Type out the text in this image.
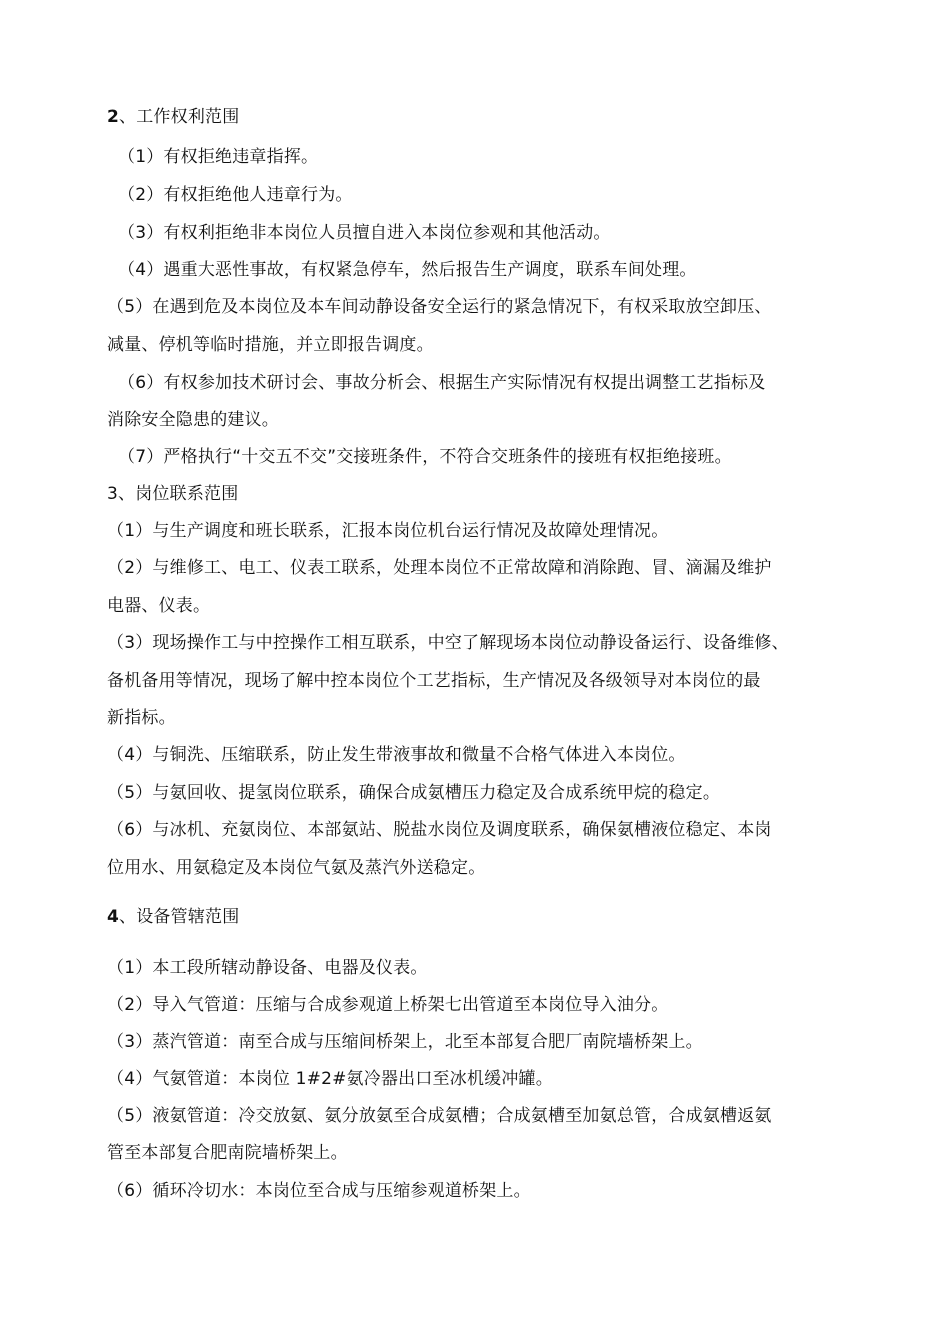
2、工作权利范围
（1）有权拒绝违章指挥。
（2）有权拒绝他人违章行为。
（3）有权利拒绝非本岗位人员擅自进入本岗位参观和其他活动。
（4）遇重大恶性事故，有权紧急停车，然后报告生产调度，联系车间处理。
（5）在遇到危及本岗位及本车间动静设备安全运行的紧急情况下，有权采取放空卸压、
减量、停机等临时措施，并立即报告调度。
（6）有权参加技术研讨会、事故分析会、根据生产实际情况有权提出调整工艺指标及
消除安全隐患的建议。
（7）严格执行“十交五不交”交接班条件，不符合交班条件的接班有权拒绝接班。
3、岗位联系范围
（1）与生产调度和班长联系，汇报本岗位机台运行情况及故障处理情况。
（2）与维修工、电工、仪表工联系，处理本岗位不正常故障和消除跑、冒、滴漏及维护
电器、仪表。
（3）现场操作工与中控操作工相互联系，中空了解现场本岗位动静设备运行、设备维修、
备机备用等情况，现场了解中控本岗位个工艺指标，生产情况及各级领导对本岗位的最
新指标。
（4）与铜洗、压缩联系，防止发生带液事故和微量不合格气体进入本岗位。
（5）与氨回收、提氢岗位联系，确保合成氨槽压力稳定及合成系统甲烷的稳定。
（6）与冰机、充氨岗位、本部氨站、脱盐水岗位及调度联系，确保氨槽液位稳定、本岗
位用水、用氨稳定及本岗位气氨及蒸汽外送稳定。
4、设备管辖范围
（1）本工段所辖动静设备、电器及仪表。
（2）导入气管道：压缩与合成参观道上桥架七出管道至本岗位导入油分。
（3）蒸汽管道：南至合成与压缩间桥架上，北至本部复合肥厂南院墙桥架上。
（4）气氨管道：本岗位 1#2#氨冷器出口至冰机缓冲罐。
（5）液氨管道：冷交放氨、氨分放氨至合成氨槽；合成氨槽至加氨总管，合成氨槽返氨
管至本部复合肥南院墙桥架上。
（6）循环冷切水：本岗位至合成与压缩参观道桥架上。
